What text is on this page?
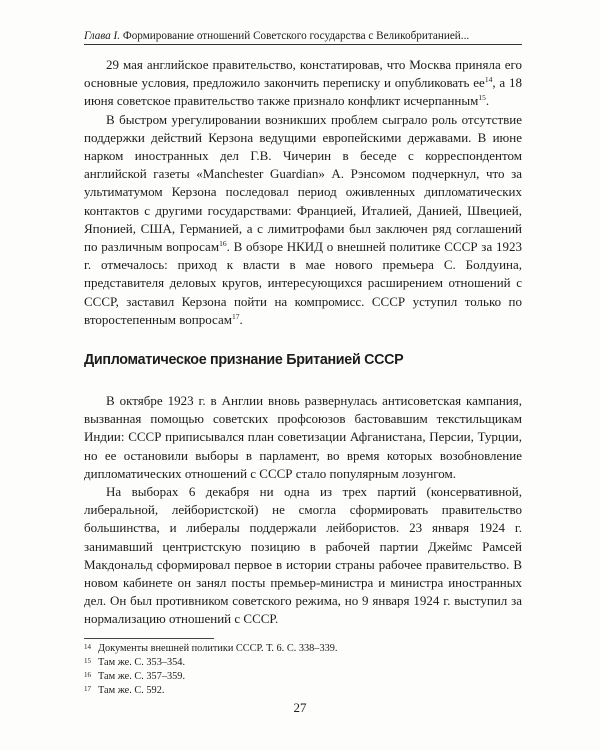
Глава I. Формирование отношений Советского государства с Великобританией...

29 мая английское правительство, констатировав, что Москва приняла его основные условия, предложило закончить переписку и опубликовать $ее^{14}$, а 18 июня советское правительство также признало конфликт исчерпанным$^{15}$.

В быстром урегулировании возникших проблем сыграло роль отсутствие поддержки действий Керзона ведущими европейскими державами. В июне нарком иностранных дел Г.В. Чичерин в беседе с корреспондентом английской газеты «Manchester Guardian» А. Рэнсомом подчеркнул, что за ультиматумом Керзона последовал период оживленных дипломатических контактов с другими государствами: Францией, Италией, Данией, Швецией, Японией, США, Германией, а с лимитрофами был заключен ряд соглашений по различным вопросам$^{16}$. В обзоре НКИД о внешней политике СССР за 1923 г. отмечалось: приход к власти в мае нового премьера С. Болдуина, представителя деловых кругов, интересующихся расширением отношений с СССР, заставил Керзона пойти на компромисс. СССР уступил только по второстепенным вопросам$^{17}$.

Дипломатическое признание Британией СССР

В октябре 1923 г. в Англии вновь развернулась антисоветская кампания, вызванная помощью советских профсоюзов бастовавшим текстильщикам Индии: СССР приписывался план советизации Афганистана, Персии, Турции, но ее остановили выборы в парламент, во время которых возобновление дипломатических отношений с СССР стало популярным лозунгом.

На выборах 6 декабря ни одна из трех партий (консервативной, либеральной, лейбористской) не смогла сформировать правительство большинства, и либералы поддержали лейбористов. 23 января 1924 г. занимавший центристскую позицию в рабочей партии Джеймс Рамсей Макдональд сформировал первое в истории страны рабочее правительство. В новом кабинете он занял посты премьер-министра и министра иностранных дел. Он был противником советского режима, но 9 января 1924 г. выступил за нормализацию отношений с СССР.

14 Документы внешней политики СССР. Т. 6. С. 338–339.
15 Там же. С. 353–354.
16 Там же. С. 357–359.
17 Там же. С. 592.
27
